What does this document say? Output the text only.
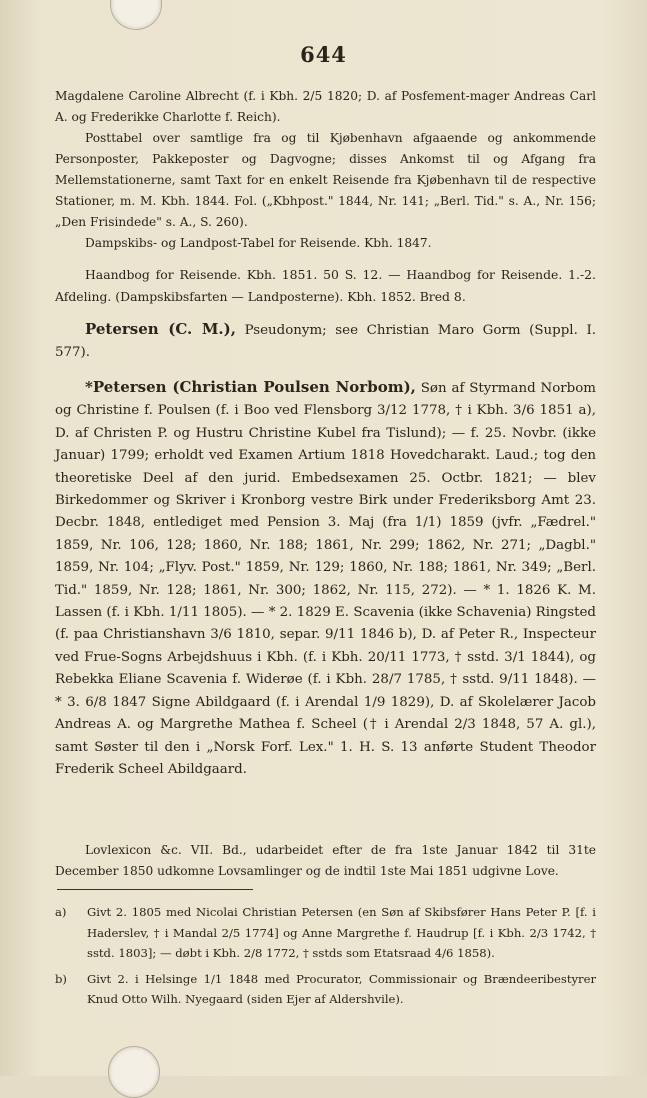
644

Magdalene Caroline Albrecht (f. i Kbh. 2/5 1820; D. af Posfement-mager Andreas Carl A. og Frederikke Charlotte f. Reich).

Posttabel over samtlige fra og til Kjøbenhavn afgaaende og ankommende Personposter, Pakkeposter og Dagvogne; disses Ankomst til og Afgang fra Mellemstationerne, samt Taxt for en enkelt Reisende fra Kjøbenhavn til de respective Stationer, m. M. Kbh. 1844. Fol. („Kbhpost." 1844, Nr. 141; „Berl. Tid." s. A., Nr. 156; „Den Frisindede" s. A., S. 260).

Dampskibs- og Landpost-Tabel for Reisende. Kbh. 1847.

Haandbog for Reisende. Kbh. 1851. 50 S. 12. — Haandbog for Reisende. 1.-2. Afdeling. (Dampskibsfarten — Landposterne). Kbh. 1852. Bred 8.

Petersen (C. M.), Pseudonym; see Christian Maro Gorm (Suppl. I. 577).

*Petersen (Christian Poulsen Norbom), Søn af Styrmand Norbom og Christine f. Poulsen (f. i Boo ved Flensborg 3/12 1778, † i Kbh. 3/6 1851 a), D. af Christen P. og Hustru Christine Kubel fra Tislund); — f. 25. Novbr. (ikke Januar) 1799; erholdt ved Examen Artium 1818 Hovedcharakt. Laud.; tog den theoretiske Deel af den jurid. Embedsexamen 25. Octbr. 1821; — blev Birkedommer og Skriver i Kronborg vestre Birk under Frederiksborg Amt 23. Decbr. 1848, entlediget med Pension 3. Maj (fra 1/1) 1859 (jvfr. „Fædrel." 1859, Nr. 106, 128; 1860, Nr. 188; 1861, Nr. 299; 1862, Nr. 271; „Dagbl." 1859, Nr. 104; „Flyv. Post." 1859, Nr. 129; 1860, Nr. 188; 1861, Nr. 349; „Berl. Tid." 1859, Nr. 128; 1861, Nr. 300; 1862, Nr. 115, 272). — * 1. 1826 K. M. Lassen (f. i Kbh. 1/11 1805). — * 2. 1829 E. Scavenia (ikke Schavenia) Ringsted (f. paa Christianshavn 3/6 1810, separ. 9/11 1846 b), D. af Peter R., Inspecteur ved Frue-Sogns Arbejdshuus i Kbh. (f. i Kbh. 20/11 1773, † sstd. 3/1 1844), og Rebekka Eliane Scavenia f. Widerøe (f. i Kbh. 28/7 1785, † sstd. 9/11 1848). — * 3. 6/8 1847 Signe Abildgaard (f. i Arendal 1/9 1829), D. af Skolelærer Jacob Andreas A. og Margrethe Mathea f. Scheel († i Arendal 2/3 1848, 57 A. gl.), samt Søster til den i „Norsk Forf. Lex." 1. H. S. 13 anførte Student Theodor Frederik Scheel Abildgaard.

Lovlexicon &c. VII. Bd., udarbeidet efter de fra 1ste Januar 1842 til 31te December 1850 udkomne Lovsamlinger og de indtil 1ste Mai 1851 udgivne Love.

a)	Givt 2. 1805 med Nicolai Christian Petersen (en Søn af Skibsfører Hans Peter P. [f. i Haderslev, † i Mandal 2/5 1774] og Anne Margrethe f. Haudrup [f. i Kbh. 2/3 1742, † sstd. 1803]; — døbt i Kbh. 2/8 1772, † sstds som Etatsraad 4/6 1858).
b)	Givt 2. i Helsinge 1/1 1848 med Procurator, Commissionair og Brændeeribestyrer Knud Otto Wilh. Nyegaard (siden Ejer af Aldershvile).
